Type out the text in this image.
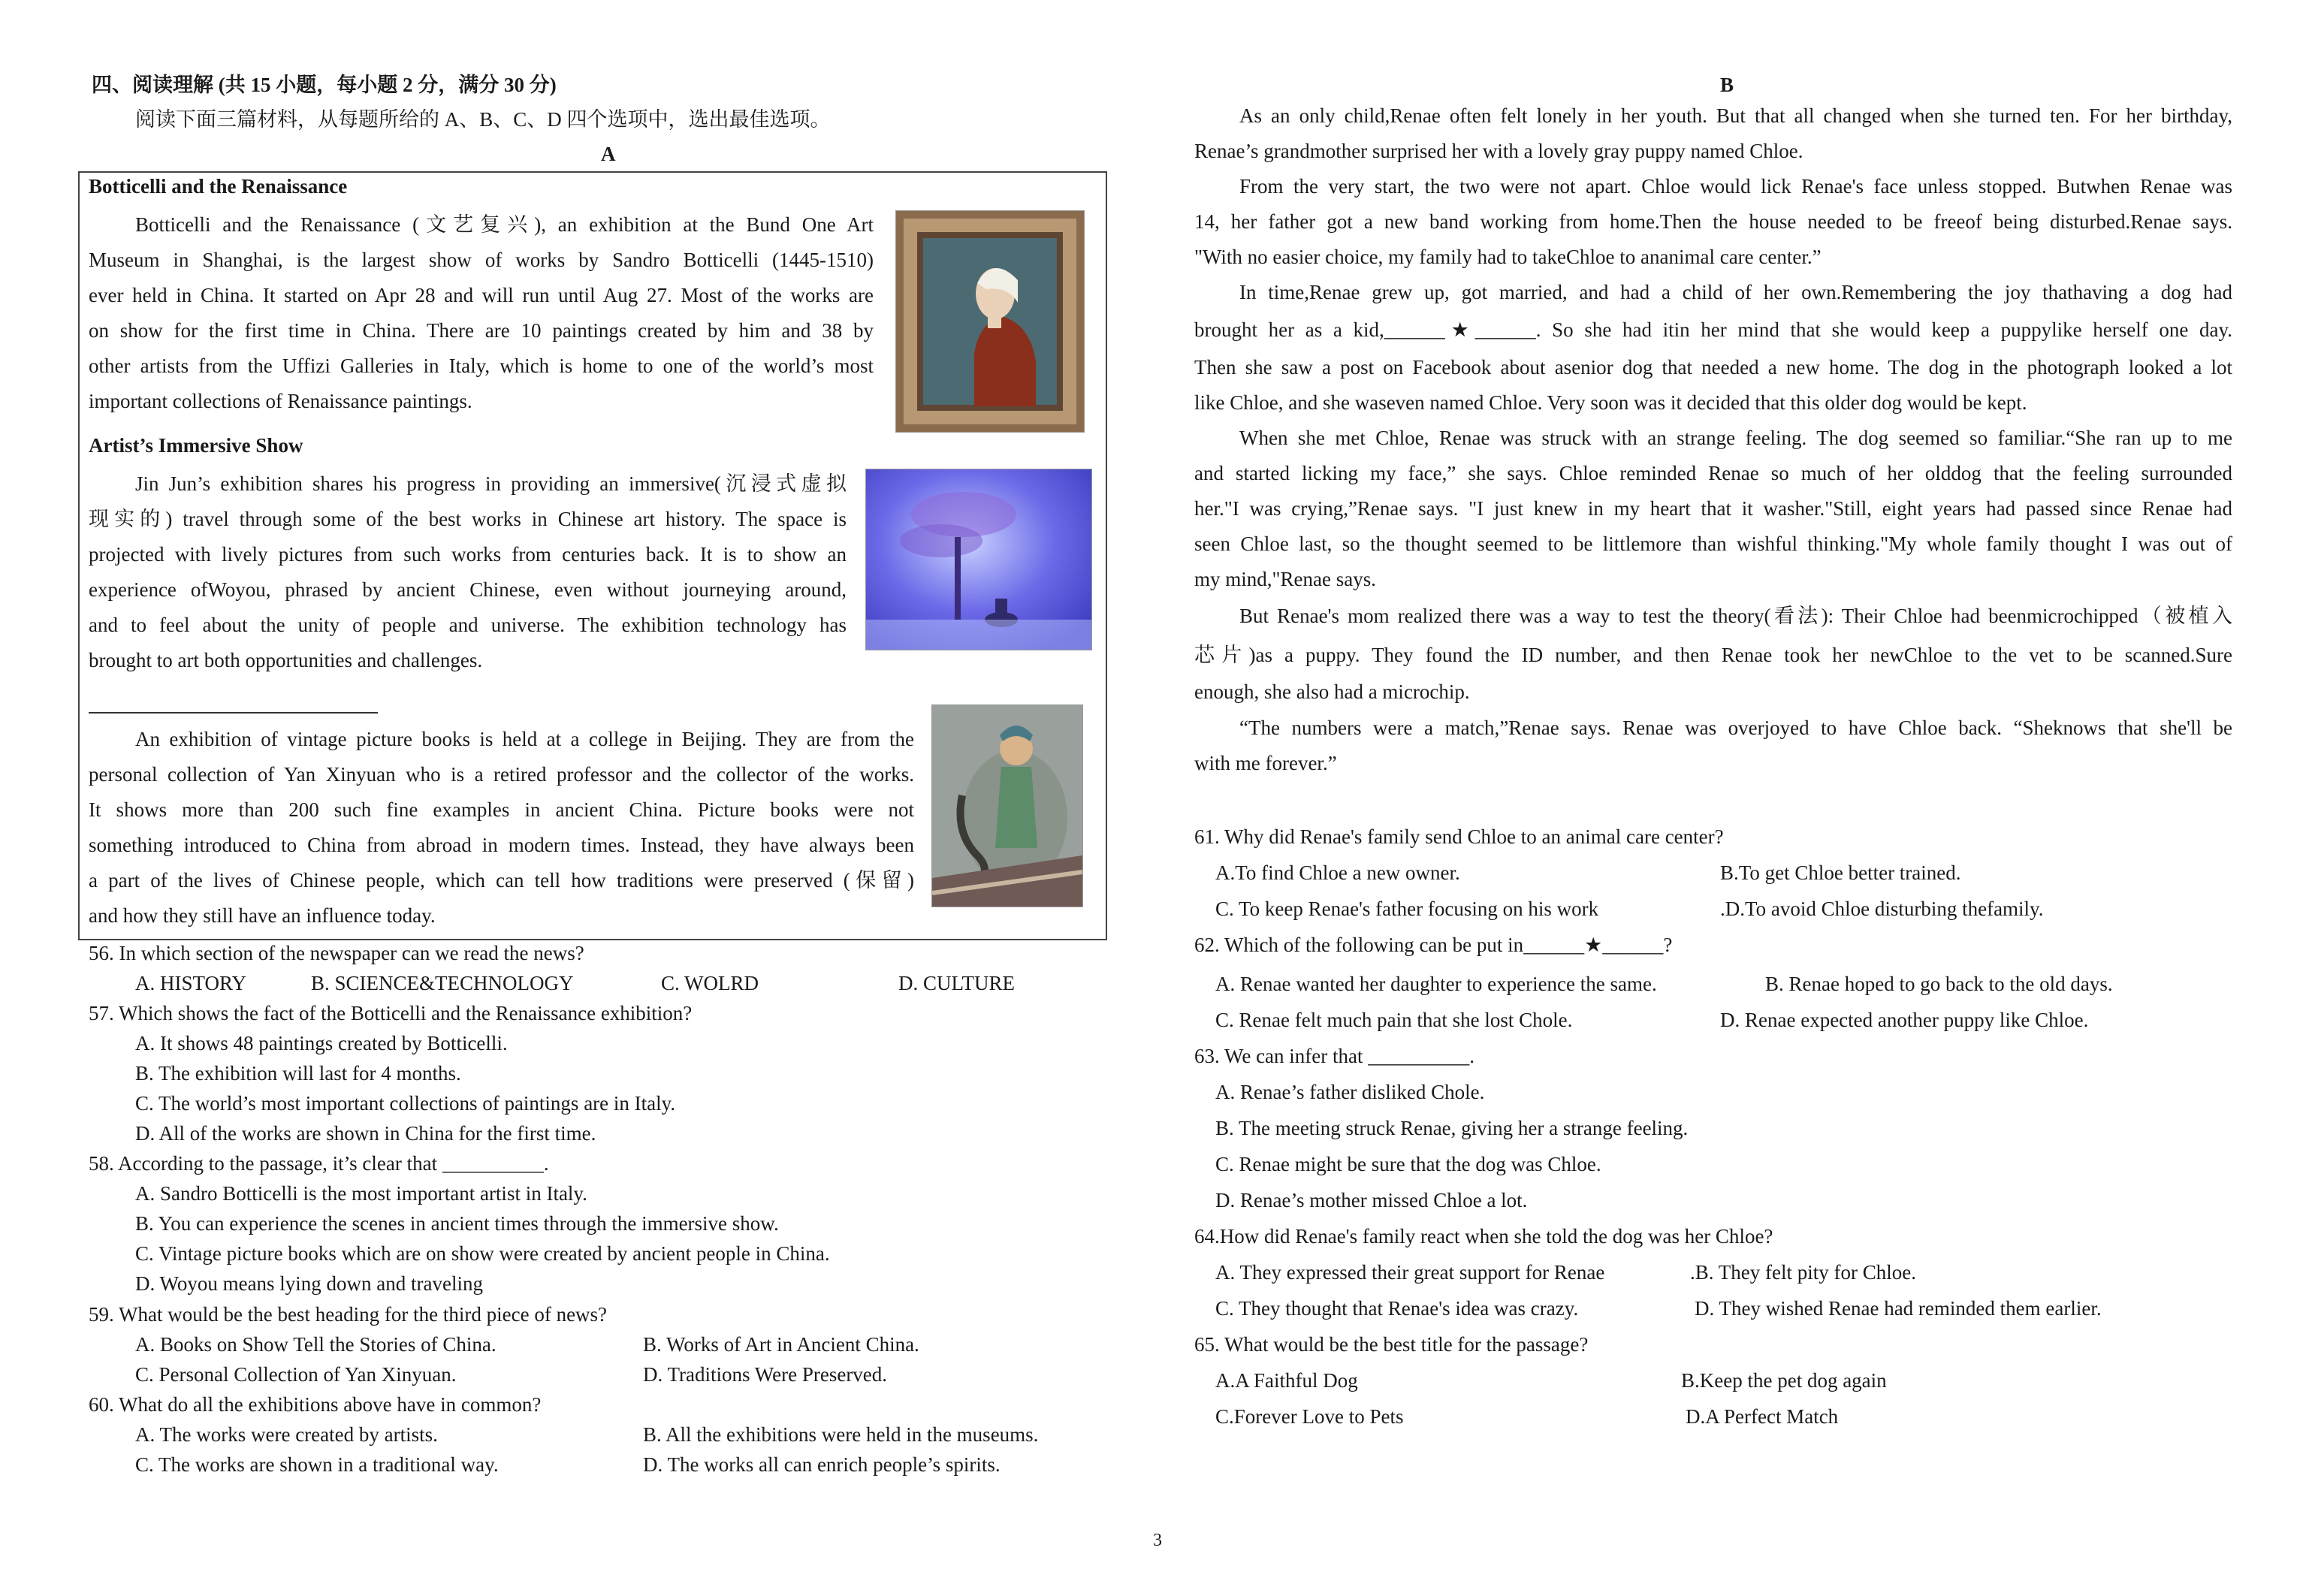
四、阅读理解 (共 15 小题，每小题 2 分，满分 30 分)
阅读下面三篇材料，从每题所给的 A、B、C、D 四个选项中，选出最佳选项。
A
Botticelli and the Renaissance
Botticelli and the Renaissance (文艺复兴), an exhibition at the Bund One Art
Museum in Shanghai, is the largest show of works by Sandro Botticelli (1445-1510)
ever held in China. It started on Apr 28 and will run until Aug 27. Most of the works are
on show for the first time in China. There are 10 paintings created by him and 38 by
other artists from the Uffizi Galleries in Italy, which is home to one of the world’s most
important collections of Renaissance paintings.
Artist’s Immersive Show
Jin Jun’s exhibition shares his progress in providing an immersive(沉浸式虚拟
现实的) travel through some of the best works in Chinese art history. The space is
projected with lively pictures from such works from centuries back. It is to show an
experience ofWoyou, phrased by ancient Chinese, even without journeying around,
and to feel about the unity of people and universe. The exhibition technology has
brought to art both opportunities and challenges.
An exhibition of vintage picture books is held at a college in Beijing. They are from the
personal collection of Yan Xinyuan who is a retired professor and the collector of the works.
It shows more than 200 such fine examples in ancient China. Picture books were not
something introduced to China from abroad in modern times. Instead, they have always been
a part of the lives of Chinese people, which can tell how traditions were preserved (保留)
and how they still have an influence today.
56. In which section of the newspaper can we read the news?
A. HISTORY	B. SCIENCE&TECHNOLOGY	C. WOLRD	D. CULTURE
57. Which shows the fact of the Botticelli and the Renaissance exhibition?
A. It shows 48 paintings created by Botticelli.
B. The exhibition will last for 4 months.
C. The world’s most important collections of paintings are in Italy.
D. All of the works are shown in China for the first time.
58. According to the passage, it’s clear that __________.
A. Sandro Botticelli is the most important artist in Italy.
B. You can experience the scenes in ancient times through the immersive show.
C. Vintage picture books which are on show were created by ancient people in China.
D. Woyou means lying down and traveling
59. What would be the best heading for the third piece of news?
A. Books on Show Tell the Stories of China.	B. Works of Art in Ancient China.
C. Personal Collection of Yan Xinyuan.	D. Traditions Were Preserved.
60. What do all the exhibitions above have in common?
A. The works were created by artists.	B. All the exhibitions were held in the museums.
C. The works are shown in a traditional way.	D. The works all can enrich people’s spirits.
B
As an only child,Renae often felt lonely in her youth. But that all changed when she turned ten. For her birthday,
Renae’s grandmother surprised her with a lovely gray puppy named Chloe.
From the very start, the two were not apart. Chloe would lick Renae's face unless stopped. Butwhen Renae was
14, her father got a new band working from home.Then the house needed to be freeof being disturbed.Renae says.
"With no easier choice, my family had to takeChloe to ananimal care center.”
In time,Renae grew up, got married, and had a child of her own.Remembering the joy thathaving a dog had
brought her as a kid,______★______. So she had itin her mind that she would keep a puppylike herself one day.
Then she saw a post on Facebook about asenior dog that needed a new home. The dog in the photograph looked a lot
like Chloe, and she waseven named Chloe. Very soon was it decided that this older dog would be kept.
When she met Chloe, Renae was struck with an strange feeling. The dog seemed so familiar.“She ran up to me
and started licking my face,” she says. Chloe reminded Renae so much of her olddog that the feeling surrounded
her."I was crying,”Renae says. "I just knew in my heart that it washer."Still, eight years had passed since Renae had
seen Chloe last, so the thought seemed to be littlemore than wishful thinking."My whole family thought I was out of
my mind,"Renae says.
But Renae's mom realized there was a way to test the theory(看法): Their Chloe had beenmicrochipped（被植入
芯片)as a puppy. They found the ID number, and then Renae took her newChloe to the vet to be scanned.Sure
enough, she also had a microchip.
“The numbers were a match,”Renae says. Renae was overjoyed to have Chloe back. “Sheknows that she'll be
with me forever.”
61. Why did Renae's family send Chloe to an animal care center?
A.To find Chloe a new owner.	B.To get Chloe better trained.
C. To keep Renae's father focusing on his work	.D.To avoid Chloe disturbing thefamily.
62. Which of the following can be put in______★______?
A. Renae wanted her daughter to experience the same.	B. Renae hoped to go back to the old days.
C. Renae felt much pain that she lost Chole.	D. Renae expected another puppy like Chloe.
63. We can infer that __________.
A. Renae’s father disliked Chole.
B. The meeting struck Renae, giving her a strange feeling.
C. Renae might be sure that the dog was Chloe.
D. Renae’s mother missed Chloe a lot.
64.How did Renae's family react when she told the dog was her Chloe?
A. They expressed their great support for Renae	.B. They felt pity for Chloe.
C. They thought that Renae's idea was crazy.	D. They wished Renae had reminded them earlier.
65. What would be the best title for the passage?
A.A Faithful Dog	B.Keep the pet dog again
C.Forever Love to Pets	D.A Perfect Match
3
